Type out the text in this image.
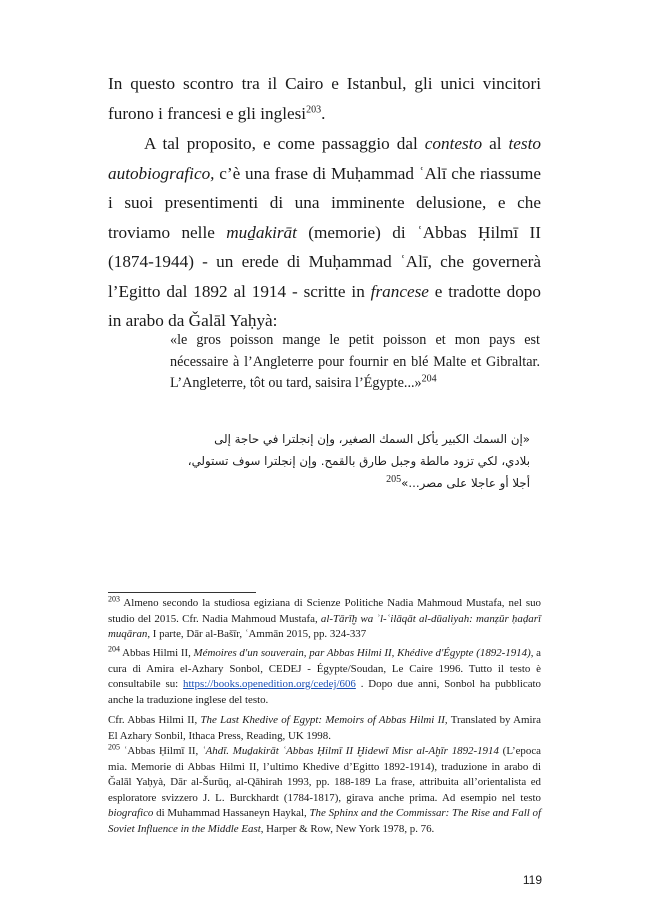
In questo scontro tra il Cairo e Istanbul, gli unici vincitori furono i francesi e gli inglesi$^{203}$.

A tal proposito, e come passaggio dal contesto al testo autobiografico, c’è una frase di Muḥammad ʿAlī che riassume i suoi presentimenti di una imminente delusione, e che troviamo nelle muḏakirāt (memorie) di ʿAbbas Ḥilmī II (1874-1944) - un erede di Muḥammad ʿAlī, che governerà l’Egitto dal 1892 al 1914 - scritte in francese e tradotte dopo in arabo da Ǧalāl Yaḥyà:

«le gros poisson mange le petit poisson et mon pays est nécessaire à l’Angleterre pour fournir en blé Malte et Gibraltar. L’Angleterre, tôt ou tard, saisira l’Égypte...»$^{204}$

«إن السمك الكبير يأكل السمك الصغير، وإن إنجلترا في حاجة إلى بلادي، لكي تزود مالطة وجبل طارق بالقمح. وإن إنجلترا سوف تستولي، أجلا أو عاجلا على مصر...»$^{205}$

$^{203}$ Almeno secondo la studiosa egiziana di Scienze Politiche Nadia Mahmoud Mustafa, nel suo studio del 2015. Cfr. Nadia Mahmoud Mustafa, al-Tārīḫ wa ʾl-ʿilāqāt al-dūaliyah: manẓūr ḥaḍarī muqāran, I parte, Dār al-Bašīr, ʿAmmān 2015, pp. 324-337

$^{204}$ Abbas Hilmi II, Mémoires d'un souverain, par Abbas Hilmi II, Khédive d'Égypte (1892-1914), a cura di Amira el-Azhary Sonbol, CEDEJ - Égypte/Soudan, Le Caire 1996. Tutto il testo è consultabile su: https://books.openedition.org/cedej/606 . Dopo due anni, Sonbol ha pubblicato anche la traduzione inglese del testo.

Cfr. Abbas Hilmi II, The Last Khedive of Egypt: Memoirs of Abbas Hilmi II, Translated by Amira El Azhary Sonbil, Ithaca Press, Reading, UK 1998.

$^{205}$ ʿAbbas Ḥilmī II, ʿAhdī. Muḏakirāt ʿAbbas Ḥilmī II Ḫidewī Misr al-Aḫīr 1892-1914 (L’epoca mia. Memorie di Abbas Hilmi II, l’ultimo Khedive d’Egitto 1892-1914), traduzione in arabo di Ǧalāl Yaḥyà, Dār al-Šurūq, al-Qāhirah 1993, pp. 188-189 La frase, attribuita all’orientalista ed esploratore svizzero J. L. Burckhardt (1784-1817), girava anche prima. Ad esempio nel testo biografico di Muhammad Hassaneyn Haykal, The Sphinx and the Commissar: The Rise and Fall of Soviet Influence in the Middle East, Harper & Row, New York 1978, p. 76.

119
